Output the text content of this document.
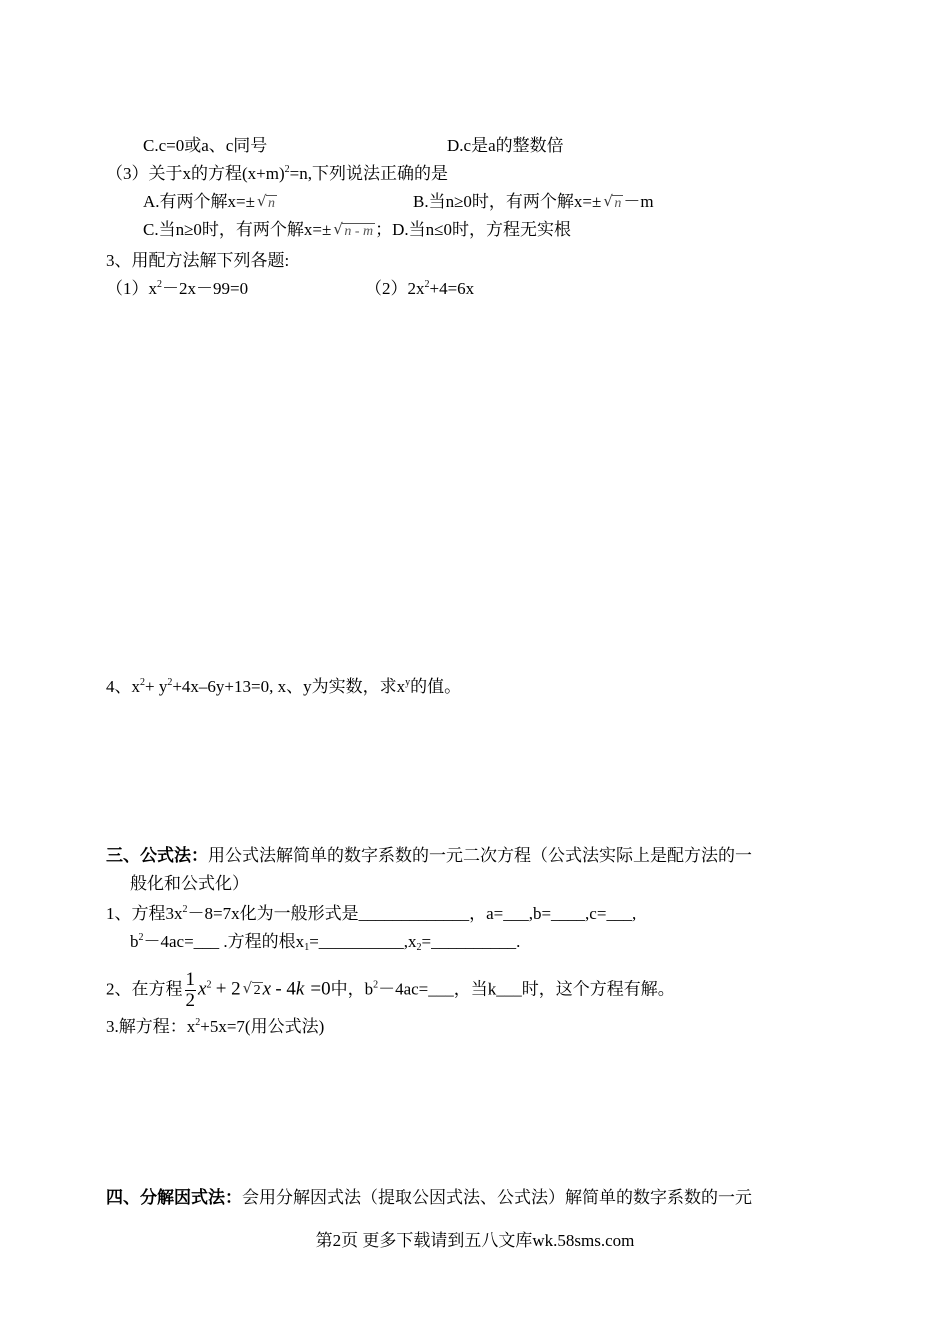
C.c=0或a、c同号	D.c是a的整数倍
（3）关于x的方程$(x+m)^2=n$,下列说法正确的是
A.有两个解x=± √ n	B.当n≥0时，有两个解x=± √ n －m
C.当n≥0时，有两个解x=± √ n - m ；D.当n≤0时，方程无实根
3、用配方法解下列各题:
$(1)x^2-2x-99=0$	$(2)2x^2+4=6x$
4、$x^2+ y^2+4x-6y+13=0$, x、y为实数，求$x^y$的值。
三、公式法：用公式法解简单的数字系数的一元二次方程（公式法实际上是配方法的一
般化和公式化）
1、方程$3x^2-8=7x$化为一般形式是_____________，a=___,b=____,c=___,
$b^2-4ac=\_\_\_$ .方程的根$x_1=\_\_\_\_\_\_\_\_\_\_,x_2=\_\_\_\_\_\_\_\_\_\_$.
2、在方程 $\frac{1}{2} x^2 + 2$ √ 2 x - 4k =0中，$b^2-4ac=\_\_\_$，当k___时，这个方程有解。
3.解方程：$x^2+5x=7$(用公式法)
四、分解因式法：会用分解因式法（提取公因式法、公式法）解简单的数字系数的一元
第2页 更多下载请到五八文库wk.58sms.com
